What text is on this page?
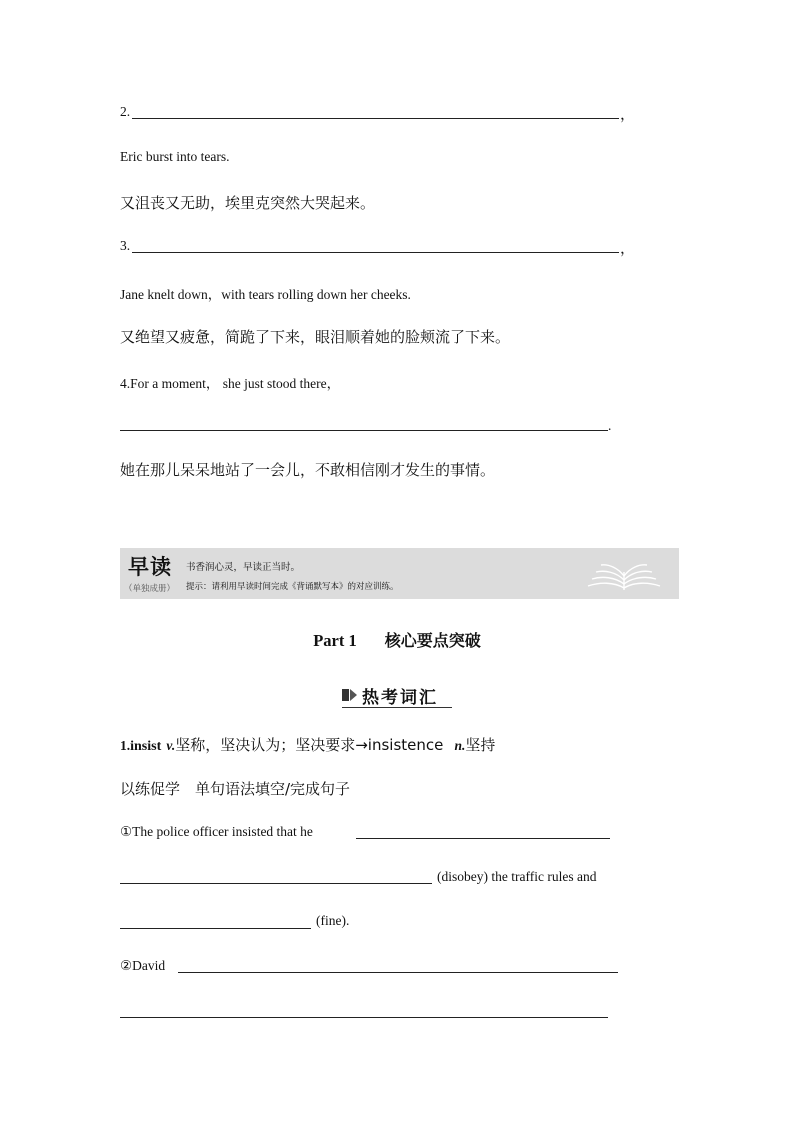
2.	，
Eric burst into tears.
又沮丧又无助，埃里克突然大哭起来。
3.	，
Jane knelt down，with tears rolling down her cheeks.
又绝望又疲惫，简跪了下来，眼泪顺着她的脸颊流了下来。
4.For a moment， she just stood there，
.
她在那儿呆呆地站了一会儿，不敢相信刚才发生的事情。
早读 书香润心灵，早读正当时。
（单独成册） 提示：请利用早读时间完成《背诵默写本》的对应训练。
Part 1 核心要点突破
热考词汇
1.insist v.坚称，坚决认为；坚决要求→insistence n.坚持
以练促学　单句语法填空/完成句子
①The police officer insisted that he
(disobey) the traffic rules and
(fine).
②David
